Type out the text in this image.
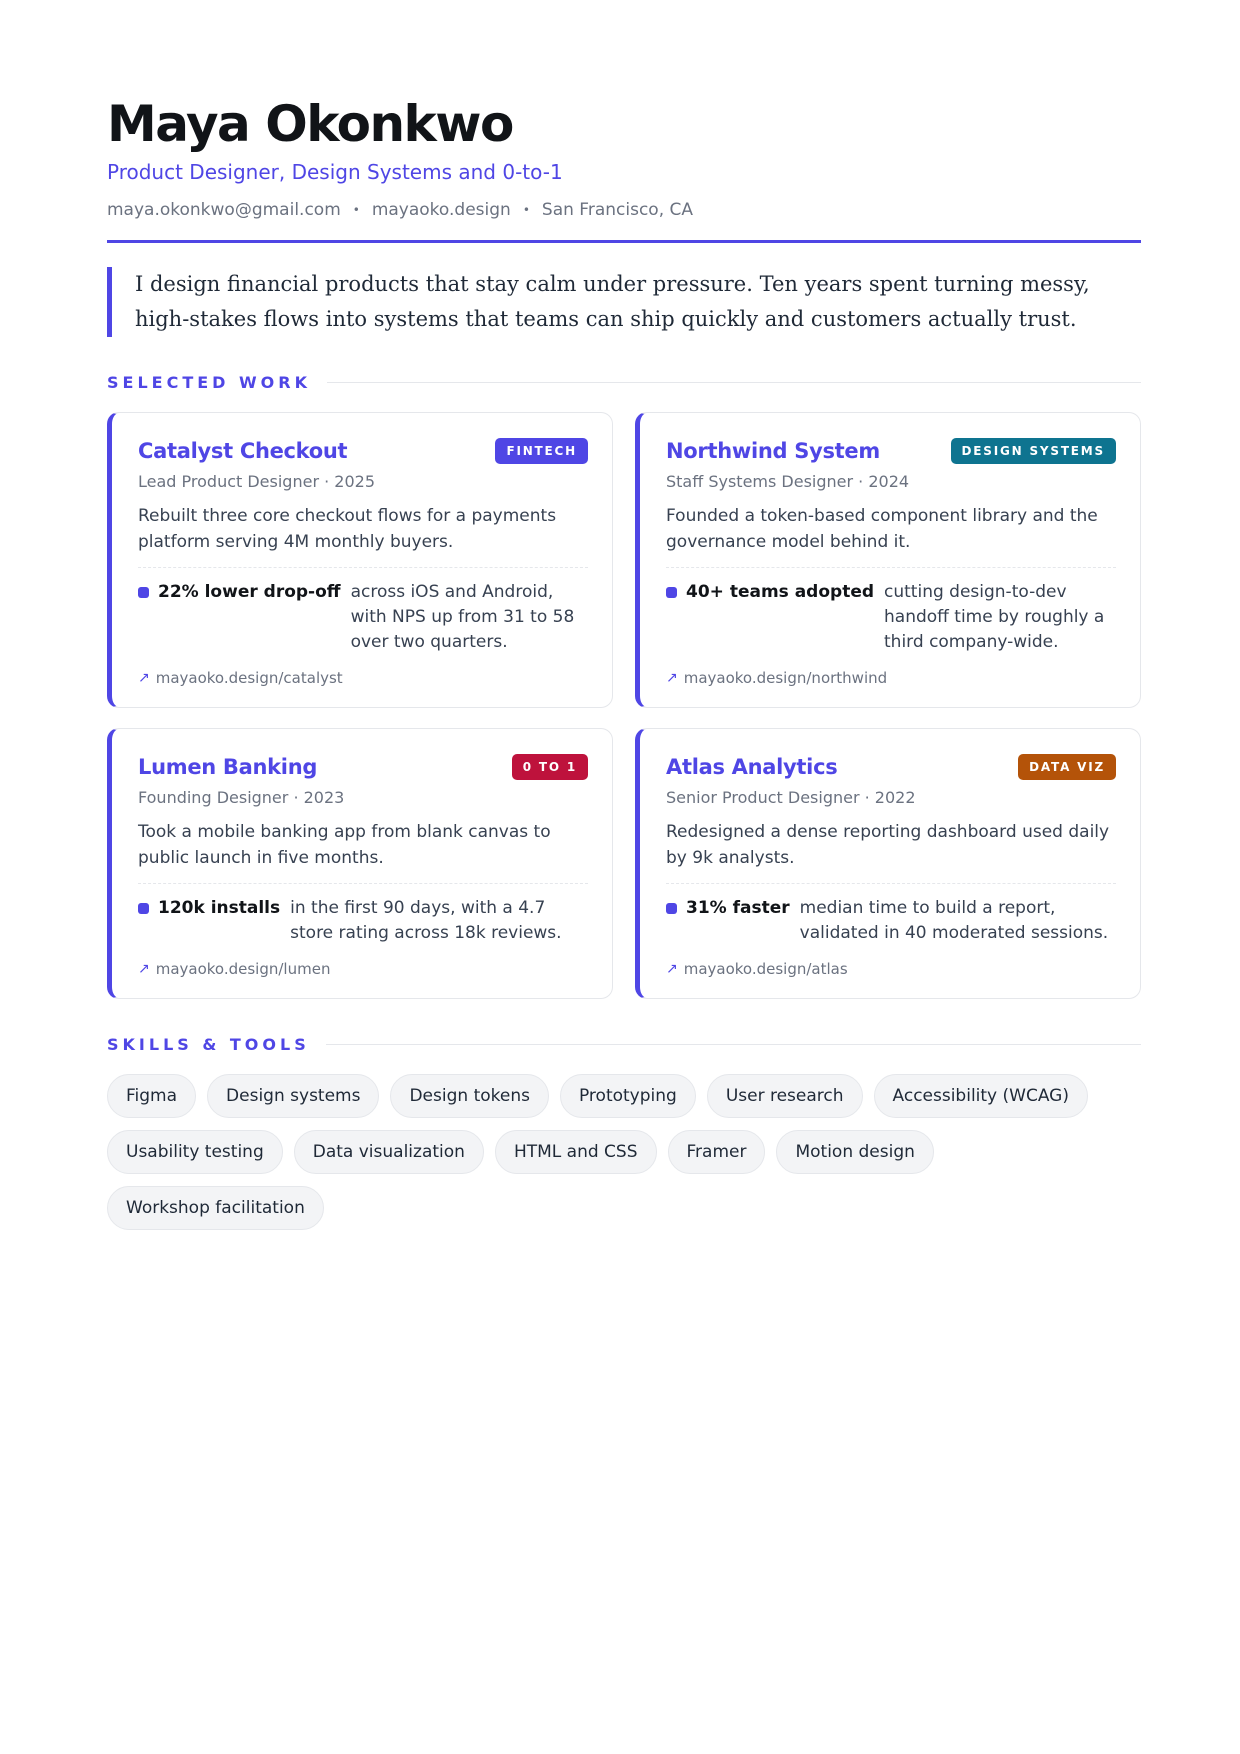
Maya Okonkwo
Product Designer, Design Systems and 0-to-1
maya.okonkwo@gmail.com • mayaoko.design • San Francisco, CA
I design financial products that stay calm under pressure. Ten years spent turning messy, high-stakes flows into systems that teams can ship quickly and customers actually trust.
SELECTED WORK
Catalyst Checkout	FINTECH
Lead Product Designer · 2025
Rebuilt three core checkout flows for a payments platform serving 4M monthly buyers.
22% lower drop-off across iOS and Android, with NPS up from 31 to 58 over two quarters.
↗ mayaoko.design/catalyst
Northwind System	DESIGN SYSTEMS
Staff Systems Designer · 2024
Founded a token-based component library and the governance model behind it.
40+ teams adopted cutting design-to-dev handoff time by roughly a third company-wide.
↗ mayaoko.design/northwind
Lumen Banking	0 TO 1
Founding Designer · 2023
Took a mobile banking app from blank canvas to public launch in five months.
120k installs in the first 90 days, with a 4.7 store rating across 18k reviews.
↗ mayaoko.design/lumen
Atlas Analytics	DATA VIZ
Senior Product Designer · 2022
Redesigned a dense reporting dashboard used daily by 9k analysts.
31% faster median time to build a report, validated in 40 moderated sessions.
↗ mayaoko.design/atlas
SKILLS & TOOLS
Figma	Design systems	Design tokens	Prototyping	User research	Accessibility (WCAG)
Usability testing	Data visualization	HTML and CSS	Framer	Motion design
Workshop facilitation
